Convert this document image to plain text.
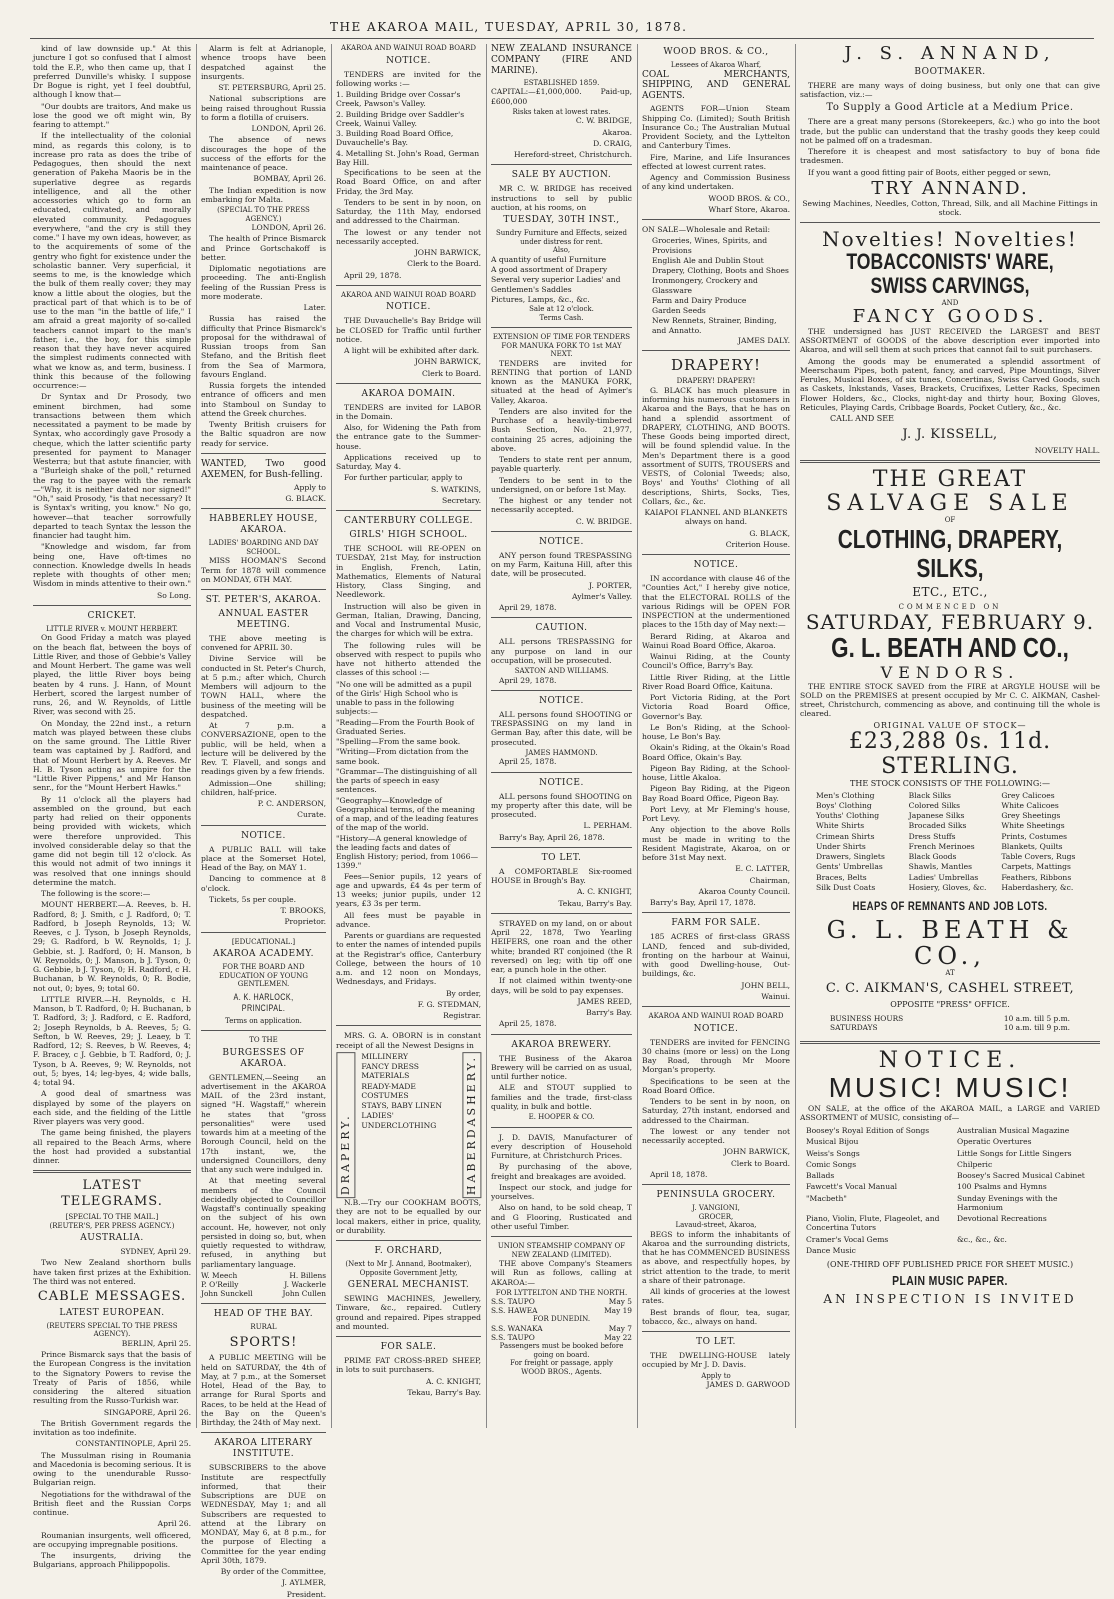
THE AKAROA MAIL, TUESDAY, APRIL 30, 1878.

kind of law downside up." At this juncture I got so confused that I almost told the E.P., who then came up, that I preferred Dunville's whisky. I suppose Dr Bogue is right, yet I feel doubtful, although I know that—

"Our doubts are traitors, And make us lose the good we oft might win, By fearing to attempt."

If the intellectuality of the colonial mind, as regards this colony, is to increase pro rata as does the tribe of Pedagogues, then should the next generation of Pakeha Maoris be in the superlative degree as regards intelligence, and all the other accessories which go to form an educated, cultivated, and morally elevated community. Pedagogues everywhere, "and the cry is still they come." I have my own ideas, however, as to the acquirements of some of the gentry who fight for existence under the scholastic banner. Very superficial, it seems to me, is the knowledge which the bulk of them really cover; they may know a little about the ologies, but the practical part of that which is to be of use to the man "in the battle of life," I am afraid a great majority of so-called teachers cannot impart to the man's father, i.e., the boy, for this simple reason that they have never acquired the simplest rudiments connected with what we know as, and term, business. I think this because of the following occurrence:—

Dr Syntax and Dr Prosody, two eminent birchmen, had some transactions between them which necessitated a payment to be made by Syntax, who accordingly gave Prosody a cheque, which the latter scientific party presented for payment to Manager Westerra; but that astute financier, with a "Burleigh shake of the poll," returned the rag to the payee with the remark—"Why, it is neither dated nor signed!" "Oh," said Prosody, "is that necessary? It is Syntax's writing, you know." No go, however—that teacher sorrowfully departed to teach Syntax the lesson the financier had taught him.

"Knowledge and wisdom, far from being one, Have oft-times no connection. Knowledge dwells In heads replete with thoughts of other men; Wisdom in minds attentive to their own."

So Long.

CRICKET.
LITTLE RIVER v. MOUNT HERBERT.

On Good Friday a match was played on the beach flat, between the boys of Little River, and those of Gebbie's Valley and Mount Herbert. The game was well played, the little River boys being beaten by 4 runs. J. Hann, of Mount Herbert, scored the largest number of runs, 26, and W. Reynolds, of Little River, was second with 25.

On Monday, the 22nd inst., a return match was played between these clubs on the same ground. The Little River team was captained by J. Radford, and that of Mount Herbert by A. Reeves. Mr H. B. Tyson acting as umpire for the "Little River Pippens," and Mr Hanson senr., for the "Mount Herbert Hawks."

By 11 o'clock all the players had assembled on the ground, but each party had relied on their opponents being provided with wickets, which were therefore unprovided. This involved considerable delay so that the game did not begin till 12 o'clock. As this would not admit of two innings it was resolved that one innings should determine the match.

The following is the score:—

MOUNT HERBERT.—A. Reeves, b. H. Radford, 8; J. Smith, c J. Radford, 0; T. Radford, b Joseph Reynolds, 13; W. Reeves, c J. Tyson, b Joseph Reynolds, 29; G. Radford, b W. Reynolds, 1; J. Gebbie, st. J. Radford, 0; H. Manson, b W. Reynolds, 0; J. Manson, b J. Tyson, 0; G. Gebbie, b J. Tyson, 0; H. Radford, c H. Buchanan, b W. Reynolds, 0; R. Bodie, not out, 0; byes, 9; total 60.

LITTLE RIVER.—H. Reynolds, c H. Manson, b T. Radford, 0; H. Buchanan, b T. Radford, 3; J. Radford, c E. Radford, 2; Joseph Reynolds, b A. Reeves, 5; G. Sefton, b W. Reeves, 29; J. Leaey, b T. Radford, 12; S. Reeves, b W. Reeves, 4; F. Bracey, c J. Gebbie, b T. Radford, 0; J. Tyson, b A. Reeves, 9; W. Reynolds, not out, 5; byes, 14; leg-byes, 4; wide balls, 4; total 94.

A good deal of smartness was displayed by some of the players on each side, and the fielding of the Little River players was very good.

The game being finished, the players all repaired to the Beach Arms, where the host had provided a substantial dinner.

LATEST TELEGRAMS.
[SPECIAL TO THE MAIL.]
(REUTER'S, PER PRESS AGENCY.)
AUSTRALIA.

SYDNEY, April 29.

Two New Zealand shorthorn bulls have taken first prizes at the Exhibition. The third was not entered.

CABLE MESSAGES.
LATEST EUROPEAN.
(REUTERS SPECIAL TO THE PRESS AGENCY).

BERLIN, April 25.

Prince Bismarck says that the basis of the European Congress is the invitation to the Signatory Powers to revise the Treaty of Paris of 1856, while considering the altered situation resulting from the Russo-Turkish war.

SINGAPORE, April 26.

The British Government regards the invitation as too indefinite.

CONSTANTINOPLE, April 25.

The Mussulman rising in Roumania and Macedonia is becoming serious. It is owing to the unendurable Russo-Bulgarian reign.

Negotiations for the withdrawal of the British fleet and the Russian Corps continue.

April 26.

Roumanian insurgents, well officered, are occupying impregnable positions.

The insurgents, driving the Bulgarians, approach Philippopolis.

Alarm is felt at Adrianople, whence troops have been despatched against the insurgents.

ST. PETERSBURG, April 25.

National subscriptions are being raised throughout Russia to form a flotilla of cruisers.

LONDON, April 26.

The absence of news discourages the hope of the success of the efforts for the maintenance of peace.

BOMBAY, April 26.

The Indian expedition is now embarking for Malta.

(SPECIAL TO THE PRESS AGENCY.)

LONDON, April 26.

The health of Prince Bismarck and Prince Gortschakoff is better.

Diplomatic negotiations are proceeding. The anti-English feeling of the Russian Press is more moderate.

Later.

Russia has raised the difficulty that Prince Bismarck's proposal for the withdrawal of Russian troops from San Stefano, and the British fleet from the Sea of Marmora, favours England.

Russia forgets the intended entrance of officers and men into Stamboul on Sunday to attend the Greek churches.

Twenty British cruisers for the Baltic squadron are now ready for service.

WANTED, Two good AXEMEN, for Bush-felling.

Apply to

G. BLACK.

HABBERLEY HOUSE, AKAROA.
LADIES' BOARDING AND DAY SCHOOL.

MISS HOOMAN'S Second Term for 1878 will commence on MONDAY, 6TH MAY.

ST. PETER'S, AKAROA.
ANNUAL EASTER MEETING.

THE above meeting is convened for APRIL 30.

Divine Service will be conducted in St. Peter's Church, at 5 p.m.; after which, Church Members will adjourn to the TOWN HALL, where the business of the meeting will be despatched.

At 7 p.m. a CONVERSAZIONE, open to the public, will be held, when a lecture will be delivered by the Rev. T. Flavell, and songs and readings given by a few friends.

Admission—One shilling; children, half-price.

P. C. ANDERSON,

Curate.

NOTICE.

A PUBLIC BALL will take place at the Somerset Hotel, Head of the Bay, on MAY 1.

Dancing to commence at 8 o'clock.

Tickets, 5s per couple.

T. BROOKS,

Proprietor.

[EDUCATIONAL.]
AKAROA ACADEMY.
FOR THE BOARD AND EDUCATION OF YOUNG GENTLEMEN.
A. K. HARLOCK, PRINCIPAL.
Terms on application.
TO THE
BURGESSES OF AKAROA.

GENTLEMEN,—Seeing an advertisement in the AKAROA MAIL of the 23rd instant, signed "H. Wagstaff," wherein he states that "gross personalities" were used towards him at a meeting of the Borough Council, held on the 17th instant, we, the undersigned Councillors, deny that any such were indulged in.

At that meeting several members of the Council decidedly objected to Councillor Wagstaff's continually speaking on the subject of his own account. He, however, not only persisted in doing so, but, when quietly requested to withdraw, refused, in anything but parliamentary language.

W. Meech	H. Billens
P. O'Reilly	J. Wackerle
John Sunckell	John Cullen
HEAD OF THE BAY.
RURAL
SPORTS!

A PUBLIC MEETING will be held on SATURDAY, the 4th of May, at 7 p.m., at the Somerset Hotel, Head of the Bay, to arrange for Rural Sports and Races, to be held at the Head of the Bay on the Queen's Birthday, the 24th of May next.

AKAROA LITERARY INSTITUTE.

SUBSCRIBERS to the above Institute are respectfully informed, that their Subscriptions are DUE on WEDNESDAY, May 1; and all Subscribers are requested to attend at the Library on MONDAY, May 6, at 8 p.m., for the purpose of Electing a Committee for the year ending April 30th, 1879.

By order of the Committee,

J. AYLMER,

President.

AKAROA AND WAINUI ROAD BOARD
NOTICE.

TENDERS are invited for the following works :—

1. Building Bridge over Cossar's Creek, Pawson's Valley.
2. Building Bridge over Saddler's Creek, Wainui Valley.
3. Building Road Board Office, Duvauchelle's Bay.
4. Metalling St. John's Road, German Bay Hill.

Specifications to be seen at the Road Board Office, on and after Friday, the 3rd May.

Tenders to be sent in by noon, on Saturday, the 11th May, endorsed and addressed to the Chairman.

The lowest or any tender not necessarily accepted.

JOHN BARWICK,

Clerk to the Board.

April 29, 1878.

AKAROA AND WAINUI ROAD BOARD
NOTICE.

THE Duvauchelle's Bay Bridge will be CLOSED for Traffic until further notice.

A light will be exhibited after dark.

JOHN BARWICK,

Clerk to Board.

AKAROA DOMAIN.

TENDERS are invited for LABOR in the Domain.

Also, for Widening the Path from the entrance gate to the Summer-house.

Applications received up to Saturday, May 4.

For further particular, apply to

S. WATKINS,

Secretary.

CANTERBURY COLLEGE.
GIRLS' HIGH SCHOOL.

THE SCHOOL will RE-OPEN on TUESDAY, 21st May, for instruction in English, French, Latin, Mathematics, Elements of Natural History, Class Singing, and Needlework.

Instruction will also be given in German, Italian, Drawing, Dancing, and Vocal and Instrumental Music, the charges for which will be extra.

The following rules will be observed with respect to pupils who have not hitherto attended the classes of this school :—

"No one will be admitted as a pupil of the Girls' High School who is unable to pass in the following subjects:—
"Reading—From the Fourth Book of Graduated Series.
"Spelling—From the same book.
"Writing—From dictation from the same book.
"Grammar—The distinguishing of all the parts of speech in easy sentences.
"Geography—Knowledge of Geographical terms, of the meaning of a map, and of the leading features of the map of the world.
"History—A general knowledge of the leading facts and dates of English History; period, from 1066—1399."

Fees—Senior pupils, 12 years of age and upwards, £4 4s per term of 13 weeks; junior pupils, under 12 years, £3 3s per term.

All fees must be payable in advance.

Parents or guardians are requested to enter the names of intended pupils at the Registrar's office, Canterbury College, between the hours of 10 a.m. and 12 noon on Mondays, Wednesdays, and Fridays.

By order,

F. G. STEDMAN,

Registrar.

MRS. G. A. OBORN is in constant receipt of all the Newest Designs in

DRAPERY.
MILLINERY
FANCY DRESS MATERIALS
READY-MADE COSTUMES
STAYS, BABY LINEN
LADIES' UNDERCLOTHING	HABERDASHERY.

N.B.—Try our COOKHAM BOOTS, they are not to be equalled by our local makers, either in price, quality, or durability.

F. ORCHARD,
(Next to Mr J. Annand, Bootmaker), Opposite Government Jetty,
GENERAL MECHANIST.

SEWING MACHINES, Jewellery, Tinware, &c., repaired. Cutlery ground and repaired. Pipes strapped and mounted.

FOR SALE.

PRIME FAT CROSS-BRED SHEEP, in lots to suit purchasers.

A. C. KNIGHT,

Tekau, Barry's Bay.

NEW ZEALAND INSURANCE COMPANY (FIRE AND MARINE).

ESTABLISHED 1859.

CAPITAL:—£1,000,000. Paid-up, £600,000

Risks taken at lowest rates.

C. W. BRIDGE,

Akaroa.

D. CRAIG,

Hereford-street, Christchurch.

SALE BY AUCTION.

MR C. W. BRIDGE has received instructions to sell by public auction, at his rooms, on

TUESDAY, 30TH INST.,
Sundry Furniture and Effects, seized under distress for rent.
Also,
A quantity of useful Furniture
A good assortment of Drapery
Several very superior Ladies' and Gentlemen's Saddles
Pictures, Lamps, &c., &c.
Sale at 12 o'clock.
Terms Cash.
EXTENSION OF TIME FOR TENDERS FOR MANUKA FORK TO 1st MAY NEXT.

TENDERS are invited for RENTING that portion of LAND known as the MANUKA FORK, situated at the head of Aylmer's Valley, Akaroa.

Tenders are also invited for the Purchase of a heavily-timbered Bush Section, No. 21,977, containing 25 acres, adjoining the above.

Tenders to state rent per annum, payable quarterly.

Tenders to be sent in to the undersigned, on or before 1st May.

The highest or any tender not necessarily accepted.

C. W. BRIDGE.

NOTICE.

ANY person found TRESPASSING on my Farm, Kaituna Hill, after this date, will be prosecuted.

J. PORTER,

Aylmer's Valley.

April 29, 1878.

CAUTION.

ALL persons TRESPASSING for any purpose on land in our occupation, will be prosecuted.

SAXTON AND WILLIAMS.

April 29, 1878.

NOTICE.

ALL persons found SHOOTING or TRESPASSING on my land in German Bay, after this date, will be prosecuted.

JAMES HAMMOND.

April 25, 1878.

NOTICE.

ALL persons found SHOOTING on my property after this date, will be prosecuted.

L. PERHAM.

Barry's Bay, April 26, 1878.

TO LET.

A COMFORTABLE Six-roomed HOUSE in Brough's Bay.

A. C. KNIGHT,

Tekau, Barry's Bay.

STRAYED on my land, on or about April 22, 1878, Two Yearling HEIFERS, one roan and the other white; branded RT conjoined (the R reversed) on leg; with tip off one ear, a punch hole in the other.

If not claimed within twenty-one days, will be sold to pay expenses.

JAMES REED,

Barry's Bay.

April 25, 1878.

AKAROA BREWERY.

THE Business of the Akaroa Brewery will be carried on as usual, until further notice.

ALE and STOUT supplied to families and the trade, first-class quality, in bulk and bottle.

E. HOOPER & CO.

J. D. DAVIS, Manufacturer of every description of Household Furniture, at Christchurch Prices.

By purchasing of the above, freight and breakages are avoided.

Inspect our stock, and judge for yourselves.

Also on hand, to be sold cheap, T and G Flooring, Rusticated and other useful Timber.

UNION STEAMSHIP COMPANY OF NEW ZEALAND (LIMITED).

THE above Company's Steamers will Run as follows, calling at AKAROA:—

FOR LYTTELTON AND THE NORTH.
S.S. TAUPO	May 5
S.S. HAWEA	May 19
FOR DUNEDIN.
S.S. WANAKA	May 7
S.S. TAUPO	May 22
Passengers must be booked before going on board.
For freight or passage, apply
WOOD BROS., Agents.
WOOD BROS. & CO.,
Lessees of Akaroa Wharf,

COAL MERCHANTS, SHIPPING, AND GENERAL AGENTS.

AGENTS FOR—Union Steam Shipping Co. (Limited); South British Insurance Co.; The Australian Mutual Provident Society, and the Lyttelton and Canterbury Times.

Fire, Marine, and Life Insurances effected at lowest current rates.

Agency and Commission Business of any kind undertaken.

WOOD BROS. & CO.,

Wharf Store, Akaroa.

ON SALE—Wholesale and Retail:

Groceries, Wines, Spirits, and Provisions
English Ale and Dublin Stout
Drapery, Clothing, Boots and Shoes
Ironmongery, Crockery and Glassware
Farm and Dairy Produce
Garden Seeds
New Rennets, Strainer, Binding, and Annatto.

JAMES DALY.

DRAPERY!
DRAPERY! DRAPERY!

G. BLACK has much pleasure in informing his numerous customers in Akaroa and the Bays, that he has on hand a splendid assortment of DRAPERY, CLOTHING, AND BOOTS. These Goods being imported direct, will be found splendid value. In the Men's Department there is a good assortment of SUITS, TROUSERS and VESTS, of Colonial Tweeds; also, Boys' and Youths' Clothing of all descriptions, Shirts, Socks, Ties, Collars, &c., &c.

KAIAPOI FLANNEL AND BLANKETS always on hand.

G. BLACK,

Criterion House.

NOTICE.

IN accordance with clause 46 of the "Counties Act," I hereby give notice, that the ELECTORAL ROLLS of the various Ridings will be OPEN FOR INSPECTION at the undermentioned places to the 15th day of May next:—

Berard Riding, at Akaroa and Wainui Road Board Office, Akaroa.

Wainui Riding, at the County Council's Office, Barry's Bay.

Little River Riding, at the Little River Road Board Office, Kaituna.

Port Victoria Riding, at the Port Victoria Road Board Office, Governor's Bay.

Le Bon's Riding, at the School-house, Le Bon's Bay.

Okain's Riding, at the Okain's Road Board Office, Okain's Bay.

Pigeon Bay Riding, at the School-house, Little Akaloa.

Pigeon Bay Riding, at the Pigeon Bay Road Board Office, Pigeon Bay.

Port Levy, at Mr Fleming's house, Port Levy.

Any objection to the above Rolls must be made in writing to the Resident Magistrate, Akaroa, on or before 31st May next.

E. C. LATTER,

Chairman,

Akaroa County Council.

Barry's Bay, April 17, 1878.

FARM FOR SALE.

185 ACRES of first-class GRASS LAND, fenced and sub-divided, fronting on the harbour at Wainui, with good Dwelling-house, Out-buildings, &c.

JOHN BELL,

Wainui.

AKAROA AND WAINUI ROAD BOARD
NOTICE.

TENDERS are invited for FENCING 30 chains (more or less) on the Long Bay Road, through Mr Moore Morgan's property.

Specifications to be seen at the Road Board Office.

Tenders to be sent in by noon, on Saturday, 27th instant, endorsed and addressed to the Chairman.

The lowest or any tender not necessarily accepted.

JOHN BARWICK,

Clerk to Board.

April 18, 1878.

PENINSULA GROCERY.
J. VANGIONI,
GROCER,
Lavaud-street, Akaroa,

BEGS to inform the inhabitants of Akaroa and the surrounding districts, that he has COMMENCED BUSINESS as above, and respectfully hopes, by strict attention to the trade, to merit a share of their patronage.

All kinds of groceries at the lowest rates.

Best brands of flour, tea, sugar, tobacco, &c., always on hand.

TO LET.

THE DWELLING-HOUSE lately occupied by Mr J. D. Davis.

Apply to

JAMES D. GARWOOD

J. S. ANNAND,
BOOTMAKER.

THERE are many ways of doing business, but only one that can give satisfaction, viz.:—

To Supply a Good Article at a Medium Price.

There are a great many persons (Storekeepers, &c.) who go into the boot trade, but the public can understand that the trashy goods they keep could not be palmed off on a tradesman.

Therefore it is cheapest and most satisfactory to buy of bona fide tradesmen.

If you want a good fitting pair of Boots, either pegged or sewn,

TRY ANNAND.

Sewing Machines, Needles, Cotton, Thread, Silk, and all Machine Fittings in stock.

Novelties! Novelties!
TOBACCONISTS' WARE, SWISS CARVINGS,
AND
FANCY GOODS.

THE undersigned has JUST RECEIVED the LARGEST and BEST ASSORTMENT of GOODS of the above description ever imported into Akaroa, and will sell them at such prices that cannot fail to suit purchasers.

Among the goods may be enumerated a splendid assortment of Meerschaum Pipes, both patent, fancy, and carved, Pipe Mountings, Silver Ferules, Musical Boxes, of six tunes, Concertinas, Swiss Carved Goods, such as Caskets, Inkstands, Vases, Brackets, Crucifixes, Letter Racks, Specimen Flower Holders, &c., Clocks, night-day and thirty hour, Boxing Gloves, Reticules, Playing Cards, Cribbage Boards, Pocket Cutlery, &c., &c.

CALL AND SEE
J. J. KISSELL,

NOVELTY HALL.

THE GREAT
SALVAGE SALE
OF
CLOTHING, DRAPERY, SILKS,
ETC., ETC.,
COMMENCED ON
SATURDAY, FEBRUARY 9.
G. L. BEATH AND CO.,
VENDORS.

THE ENTIRE STOCK SAVED from the FIRE at ARGYLE HOUSE will be SOLD on the PREMISES at present occupied by Mr C. C. AIKMAN, Cashel-street, Christchurch, commencing as above, and continuing till the whole is cleared.

ORIGINAL VALUE OF STOCK—
£23,288 0s. 11d. STERLING.
THE STOCK CONSISTS OF THE FOLLOWING:—
Men's Clothing	Black Silks	Grey Calicoes
Boys' Clothing	Colored Silks	White Calicoes
Youths' Clothing	Japanese Silks	Grey Sheetings
White Shirts	Brocaded Silks	White Sheetings
Crimean Shirts	Dress Stuffs	Prints, Costumes
Under Shirts	French Merinoes	Blankets, Quilts
Drawers, Singlets	Black Goods	Table Covers, Rugs
Gents' Umbrellas	Shawls, Mantles	Carpets, Mattings
Braces, Belts	Ladies' Umbrellas	Feathers, Ribbons
Silk Dust Coats	Hosiery, Gloves, &c.	Haberdashery, &c.
HEAPS OF REMNANTS AND JOB LOTS.
G. L. BEATH & CO.,
AT
C. C. AIKMAN'S, CASHEL STREET,
OPPOSITE "PRESS" OFFICE.
BUSINESS HOURS	10 a.m. till 5 p.m.
SATURDAYS	10 a.m. till 9 p.m.
NOTICE.
MUSIC! MUSIC!

ON SALE, at the office of the AKAROA MAIL, a LARGE and VARIED ASSORTMENT of MUSIC, consisting of—

Boosey's Royal Edition of Songs	Australian Musical Magazine
Musical Bijou	Operatic Overtures
Weiss's Songs	Little Songs for Little Singers
Comic Songs	Chilperic
Ballads	Boosey's Sacred Musical Cabinet
Fawcett's Vocal Manual	100 Psalms and Hymns
"Macbeth"	Sunday Evenings with the Harmonium
Piano, Violin, Flute, Flageolet, and Concertina Tutors
Devotional Recreations
Cramer's Vocal Gems	&c., &c., &c.
Dance Music
(ONE-THIRD OFF PUBLISHED PRICE FOR SHEET MUSIC.)
PLAIN MUSIC PAPER.
AN INSPECTION IS INVITED
